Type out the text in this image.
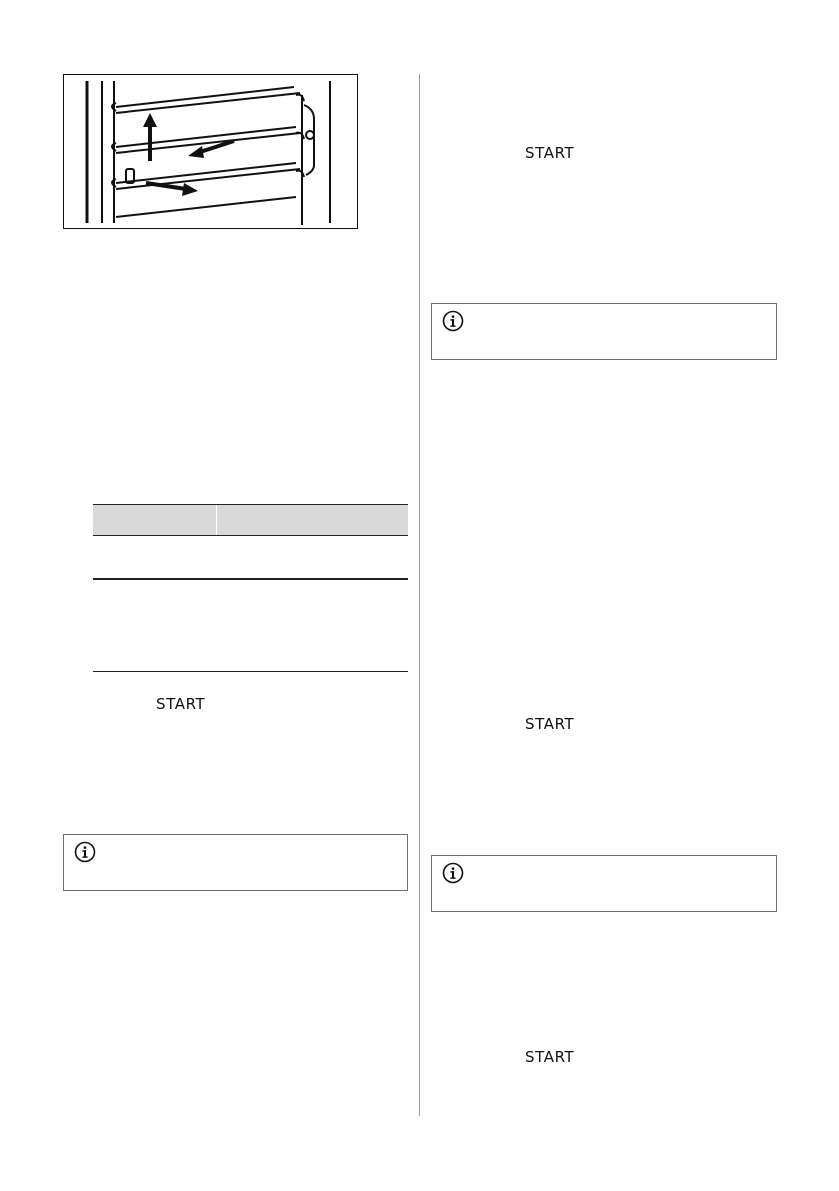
START
START
START
START
